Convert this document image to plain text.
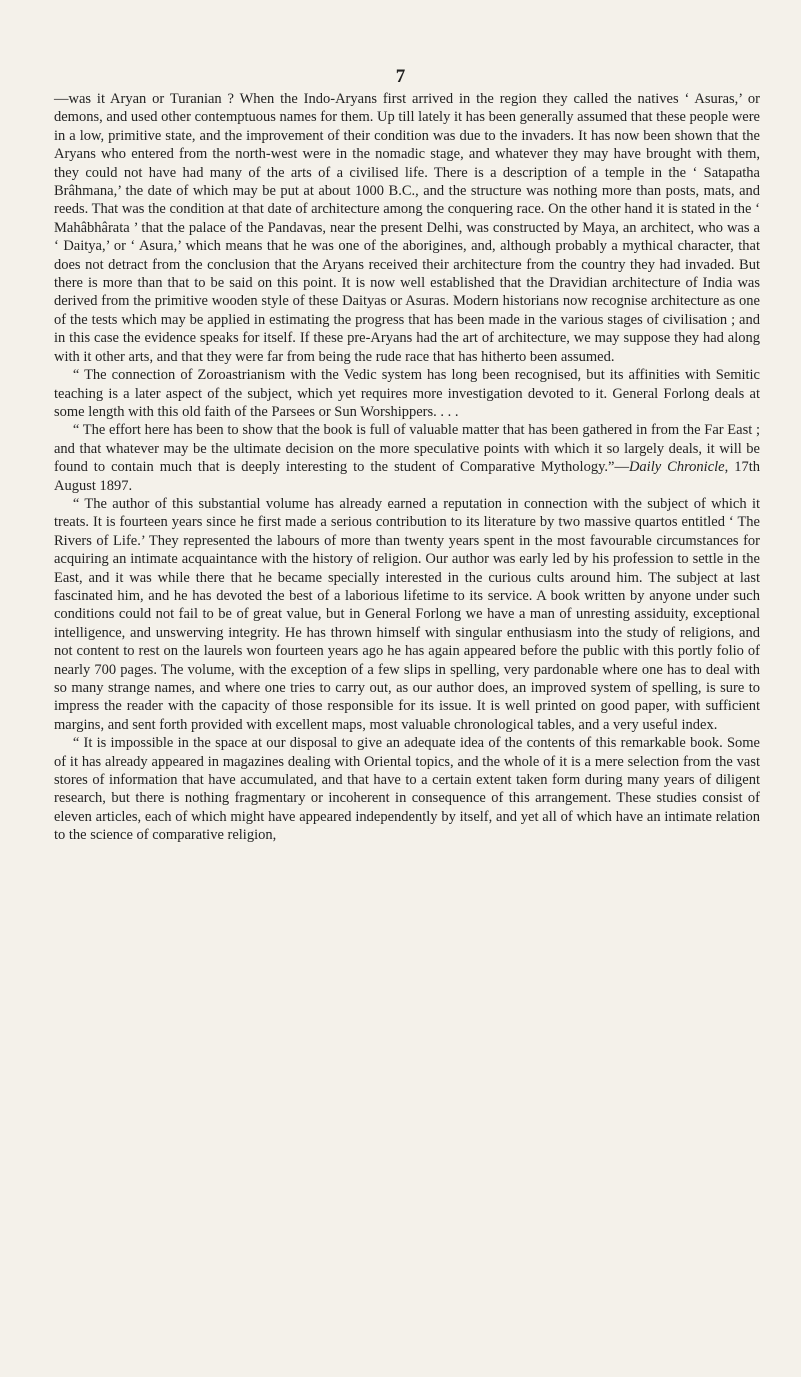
7

—was it Aryan or Turanian ? When the Indo-Aryans first arrived in the region they called the natives ‘ Asuras,’ or demons, and used other contemptuous names for them. Up till lately it has been generally assumed that these people were in a low, primitive state, and the improvement of their condition was due to the invaders. It has now been shown that the Aryans who entered from the north-west were in the nomadic stage, and whatever they may have brought with them, they could not have had many of the arts of a civilised life. There is a description of a temple in the ‘ Satapatha Brâhmana,’ the date of which may be put at about 1000 B.C., and the structure was nothing more than posts, mats, and reeds. That was the condition at that date of architecture among the conquering race. On the other hand it is stated in the ‘ Mahâbhârata ’ that the palace of the Pandavas, near the present Delhi, was constructed by Maya, an architect, who was a ‘ Daitya,’ or ‘ Asura,’ which means that he was one of the aborigines, and, although probably a mythical character, that does not detract from the conclusion that the Aryans received their architecture from the country they had invaded. But there is more than that to be said on this point. It is now well established that the Dravidian architecture of India was derived from the primitive wooden style of these Daityas or Asuras. Modern historians now recognise architecture as one of the tests which may be applied in estimating the progress that has been made in the various stages of civilisation ; and in this case the evidence speaks for itself. If these pre-Aryans had the art of architecture, we may suppose they had along with it other arts, and that they were far from being the rude race that has hitherto been assumed.

“ The connection of Zoroastrianism with the Vedic system has long been recognised, but its affinities with Semitic teaching is a later aspect of the subject, which yet requires more investigation devoted to it. General Forlong deals at some length with this old faith of the Parsees or Sun Worshippers. . . .

“ The effort here has been to show that the book is full of valuable matter that has been gathered in from the Far East ; and that whatever may be the ultimate decision on the more speculative points with which it so largely deals, it will be found to contain much that is deeply interesting to the student of Comparative Mythology.”—Daily Chronicle, 17th August 1897.

“ The author of this substantial volume has already earned a reputation in connection with the subject of which it treats. It is fourteen years since he first made a serious contribution to its literature by two massive quartos entitled ‘ The Rivers of Life.’ They represented the labours of more than twenty years spent in the most favourable circumstances for acquiring an intimate acquaintance with the history of religion. Our author was early led by his profession to settle in the East, and it was while there that he became specially interested in the curious cults around him. The subject at last fascinated him, and he has devoted the best of a laborious lifetime to its service. A book written by anyone under such conditions could not fail to be of great value, but in General Forlong we have a man of unresting assiduity, exceptional intelligence, and unswerving integrity. He has thrown himself with singular enthusiasm into the study of religions, and not content to rest on the laurels won fourteen years ago he has again appeared before the public with this portly folio of nearly 700 pages. The volume, with the exception of a few slips in spelling, very pardonable where one has to deal with so many strange names, and where one tries to carry out, as our author does, an improved system of spelling, is sure to impress the reader with the capacity of those responsible for its issue. It is well printed on good paper, with sufficient margins, and sent forth provided with excellent maps, most valuable chronological tables, and a very useful index.

“ It is impossible in the space at our disposal to give an adequate idea of the contents of this remarkable book. Some of it has already appeared in magazines dealing with Oriental topics, and the whole of it is a mere selection from the vast stores of information that have accumulated, and that have to a certain extent taken form during many years of diligent research, but there is nothing fragmentary or incoherent in consequence of this arrangement. These studies consist of eleven articles, each of which might have appeared independently by itself, and yet all of which have an intimate relation to the science of comparative religion,
